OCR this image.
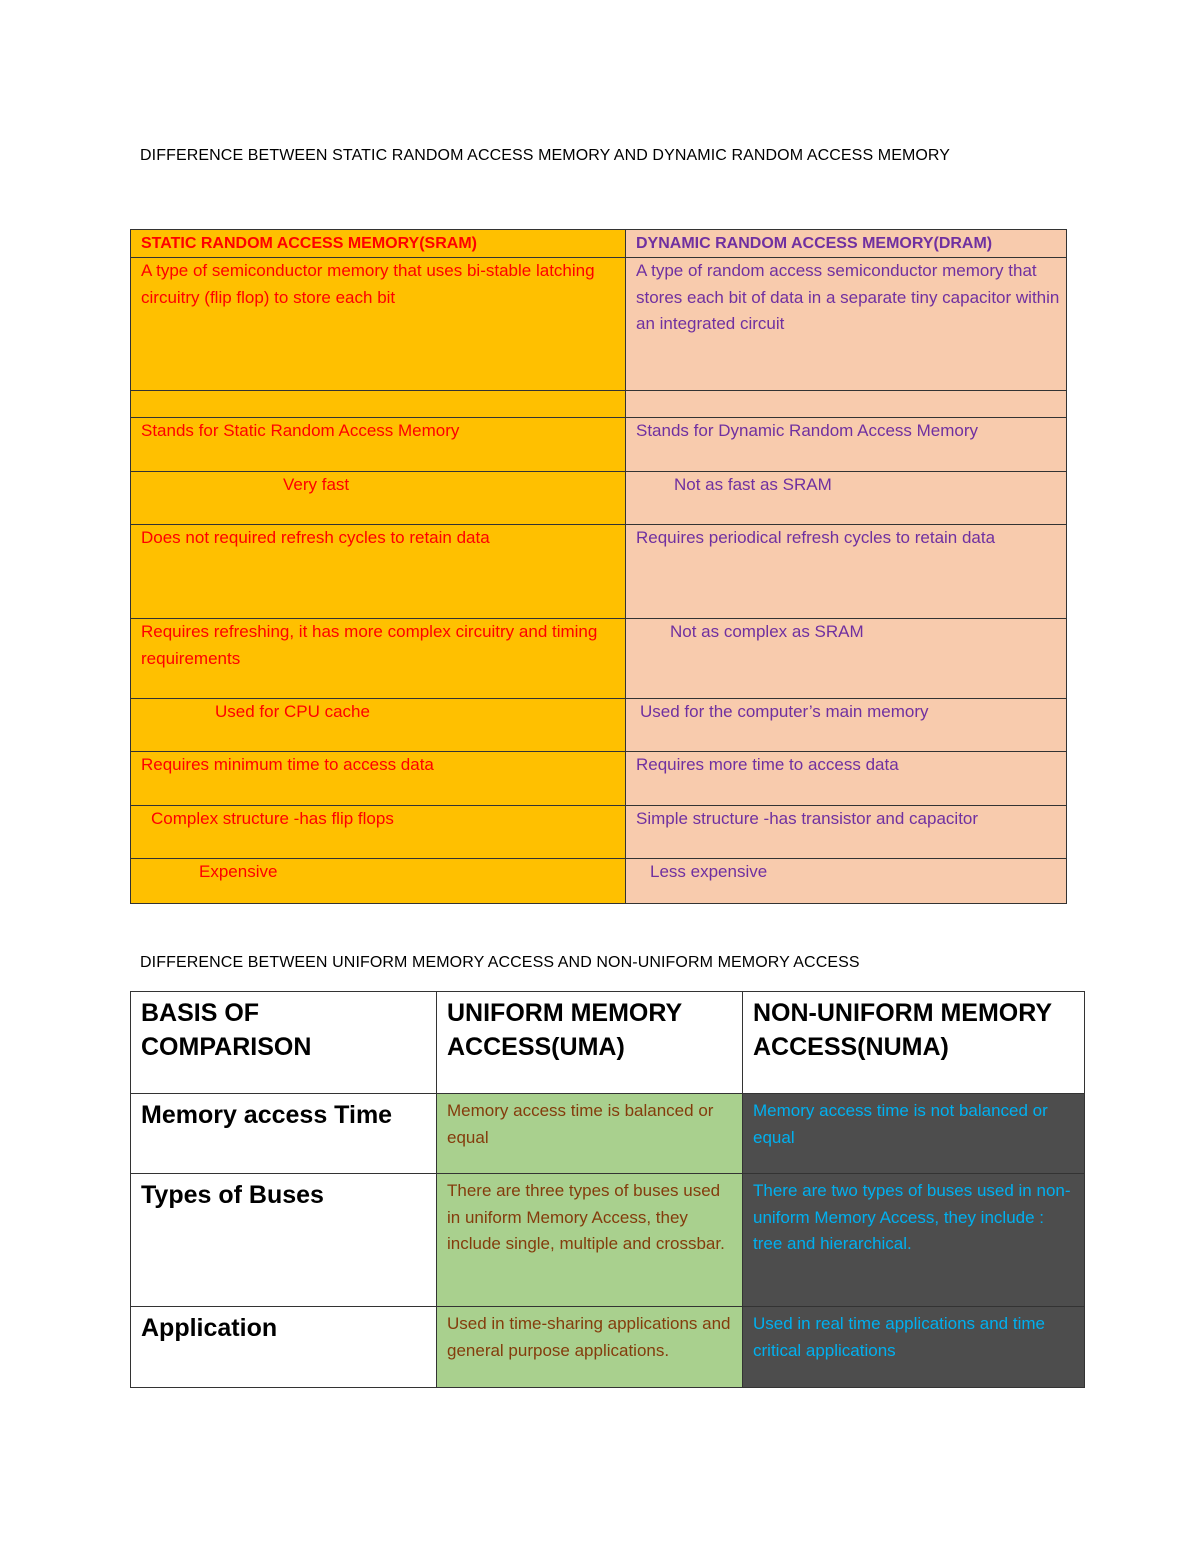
DIFFERENCE BETWEEN STATIC RANDOM ACCESS MEMORY AND DYNAMIC RANDOM ACCESS MEMORY
STATIC RANDOM ACCESS MEMORY(SRAM)	DYNAMIC RANDOM ACCESS MEMORY(DRAM)

A type of semiconductor memory that uses bi-stable latching circuitry (flip flop) to store each bit	A type of random access semiconductor memory that stores each bit of data in a separate tiny capacitor within an integrated circuit

Stands for Static Random Access Memory	Stands for Dynamic Random Access Memory

Very fast	Not as fast as SRAM

Does not required refresh cycles to retain data	Requires periodical refresh cycles to retain data

Requires refreshing, it has more complex circuitry and timing requirements	Not as complex as SRAM

Used for CPU cache	Used for the computer’s main memory

Requires minimum time to access data	Requires more time to access data

Complex structure -has flip flops	Simple structure -has transistor and capacitor

Expensive	Less expensive
DIFFERENCE BETWEEN UNIFORM MEMORY ACCESS AND NON-UNIFORM MEMORY ACCESS
BASIS OF COMPARISON	UNIFORM MEMORY ACCESS(UMA)	NON-UNIFORM MEMORY ACCESS(NUMA)

Memory access Time	Memory access time is balanced or equal	Memory access time is not balanced or equal

Types of Buses	There are three types of buses used in uniform Memory Access, they include single, multiple and crossbar.	There are two types of buses used in non-uniform Memory Access, they include : tree and hierarchical.

Application	Used in time-sharing applications and general purpose applications.	Used in real time applications and time critical applications
